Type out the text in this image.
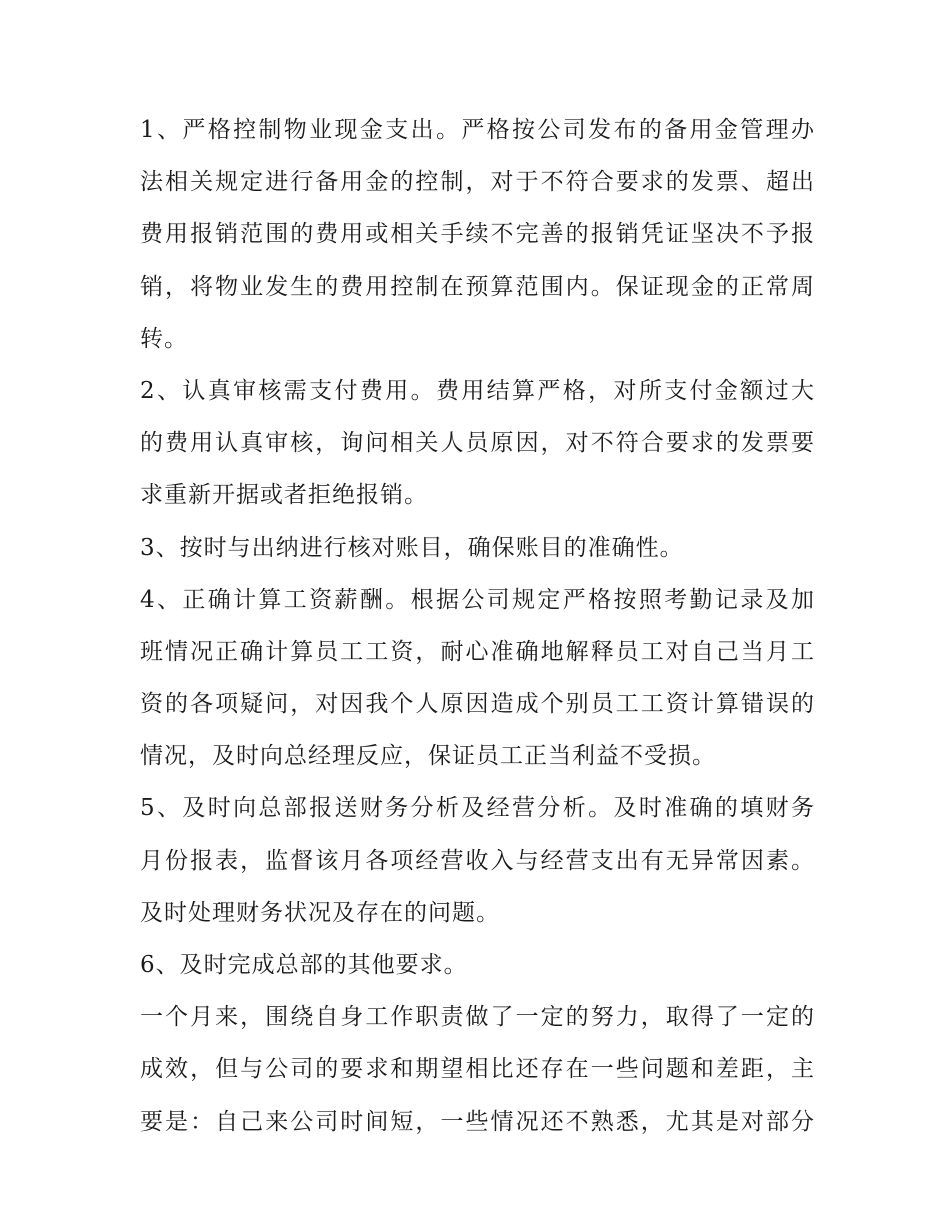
1、严格控制物业现金支出。严格按公司发布的备用金管理办
法相关规定进行备用金的控制，对于不符合要求的发票、超出
费用报销范围的费用或相关手续不完善的报销凭证坚决不予报
销，将物业发生的费用控制在预算范围内。保证现金的正常周
转。
2、认真审核需支付费用。费用结算严格，对所支付金额过大
的费用认真审核，询问相关人员原因，对不符合要求的发票要
求重新开据或者拒绝报销。
3、按时与出纳进行核对账目，确保账目的准确性。
4、正确计算工资薪酬。根据公司规定严格按照考勤记录及加
班情况正确计算员工工资，耐心准确地解释员工对自己当月工
资的各项疑问，对因我个人原因造成个别员工工资计算错误的
情况，及时向总经理反应，保证员工正当利益不受损。
5、及时向总部报送财务分析及经营分析。及时准确的填财务
月份报表，监督该月各项经营收入与经营支出有无异常因素。
及时处理财务状况及存在的问题。
6、及时完成总部的其他要求。
一个月来，围绕自身工作职责做了一定的努力，取得了一定的
成效，但与公司的要求和期望相比还存在一些问题和差距，主
要是：自己来公司时间短，一些情况还不熟悉，尤其是对部分
